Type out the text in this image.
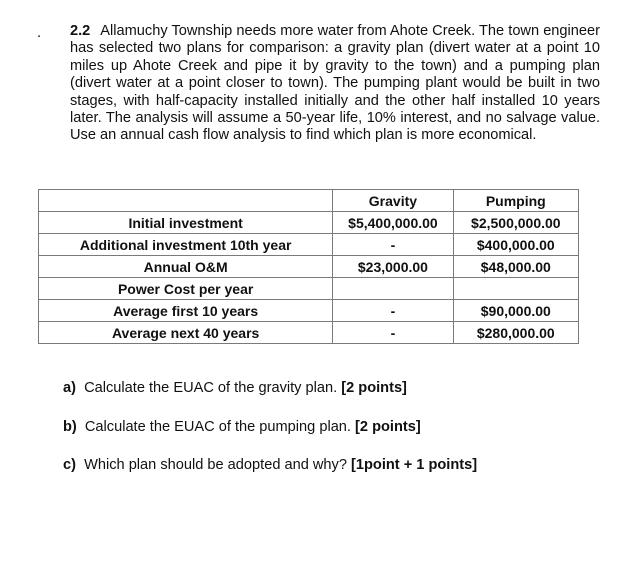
. 2.2 Allamuchy Township needs more water from Ahote Creek. The town engineer has selected two plans for comparison: a gravity plan (divert water at a point 10 miles up Ahote Creek and pipe it by gravity to the town) and a pumping plan (divert water at a point closer to town). The pumping plant would be built in two stages, with half-capacity installed initially and the other half installed 10 years later. The analysis will assume a 50-year life, 10% interest, and no salvage value. Use an annual cash flow analysis to find which plan is more economical.
	Gravity	Pumping
Initial investment	$5,400,000.00	$2,500,000.00
Additional investment 10th year	-	$400,000.00
Annual O&M	$23,000.00	$48,000.00
Power Cost per year		
Average first 10 years	-	$90,000.00
Average next 40 years	-	$280,000.00
a) Calculate the EUAC of the gravity plan. [2 points]
b) Calculate the EUAC of the pumping plan. [2 points]
c) Which plan should be adopted and why? [1point + 1 points]
